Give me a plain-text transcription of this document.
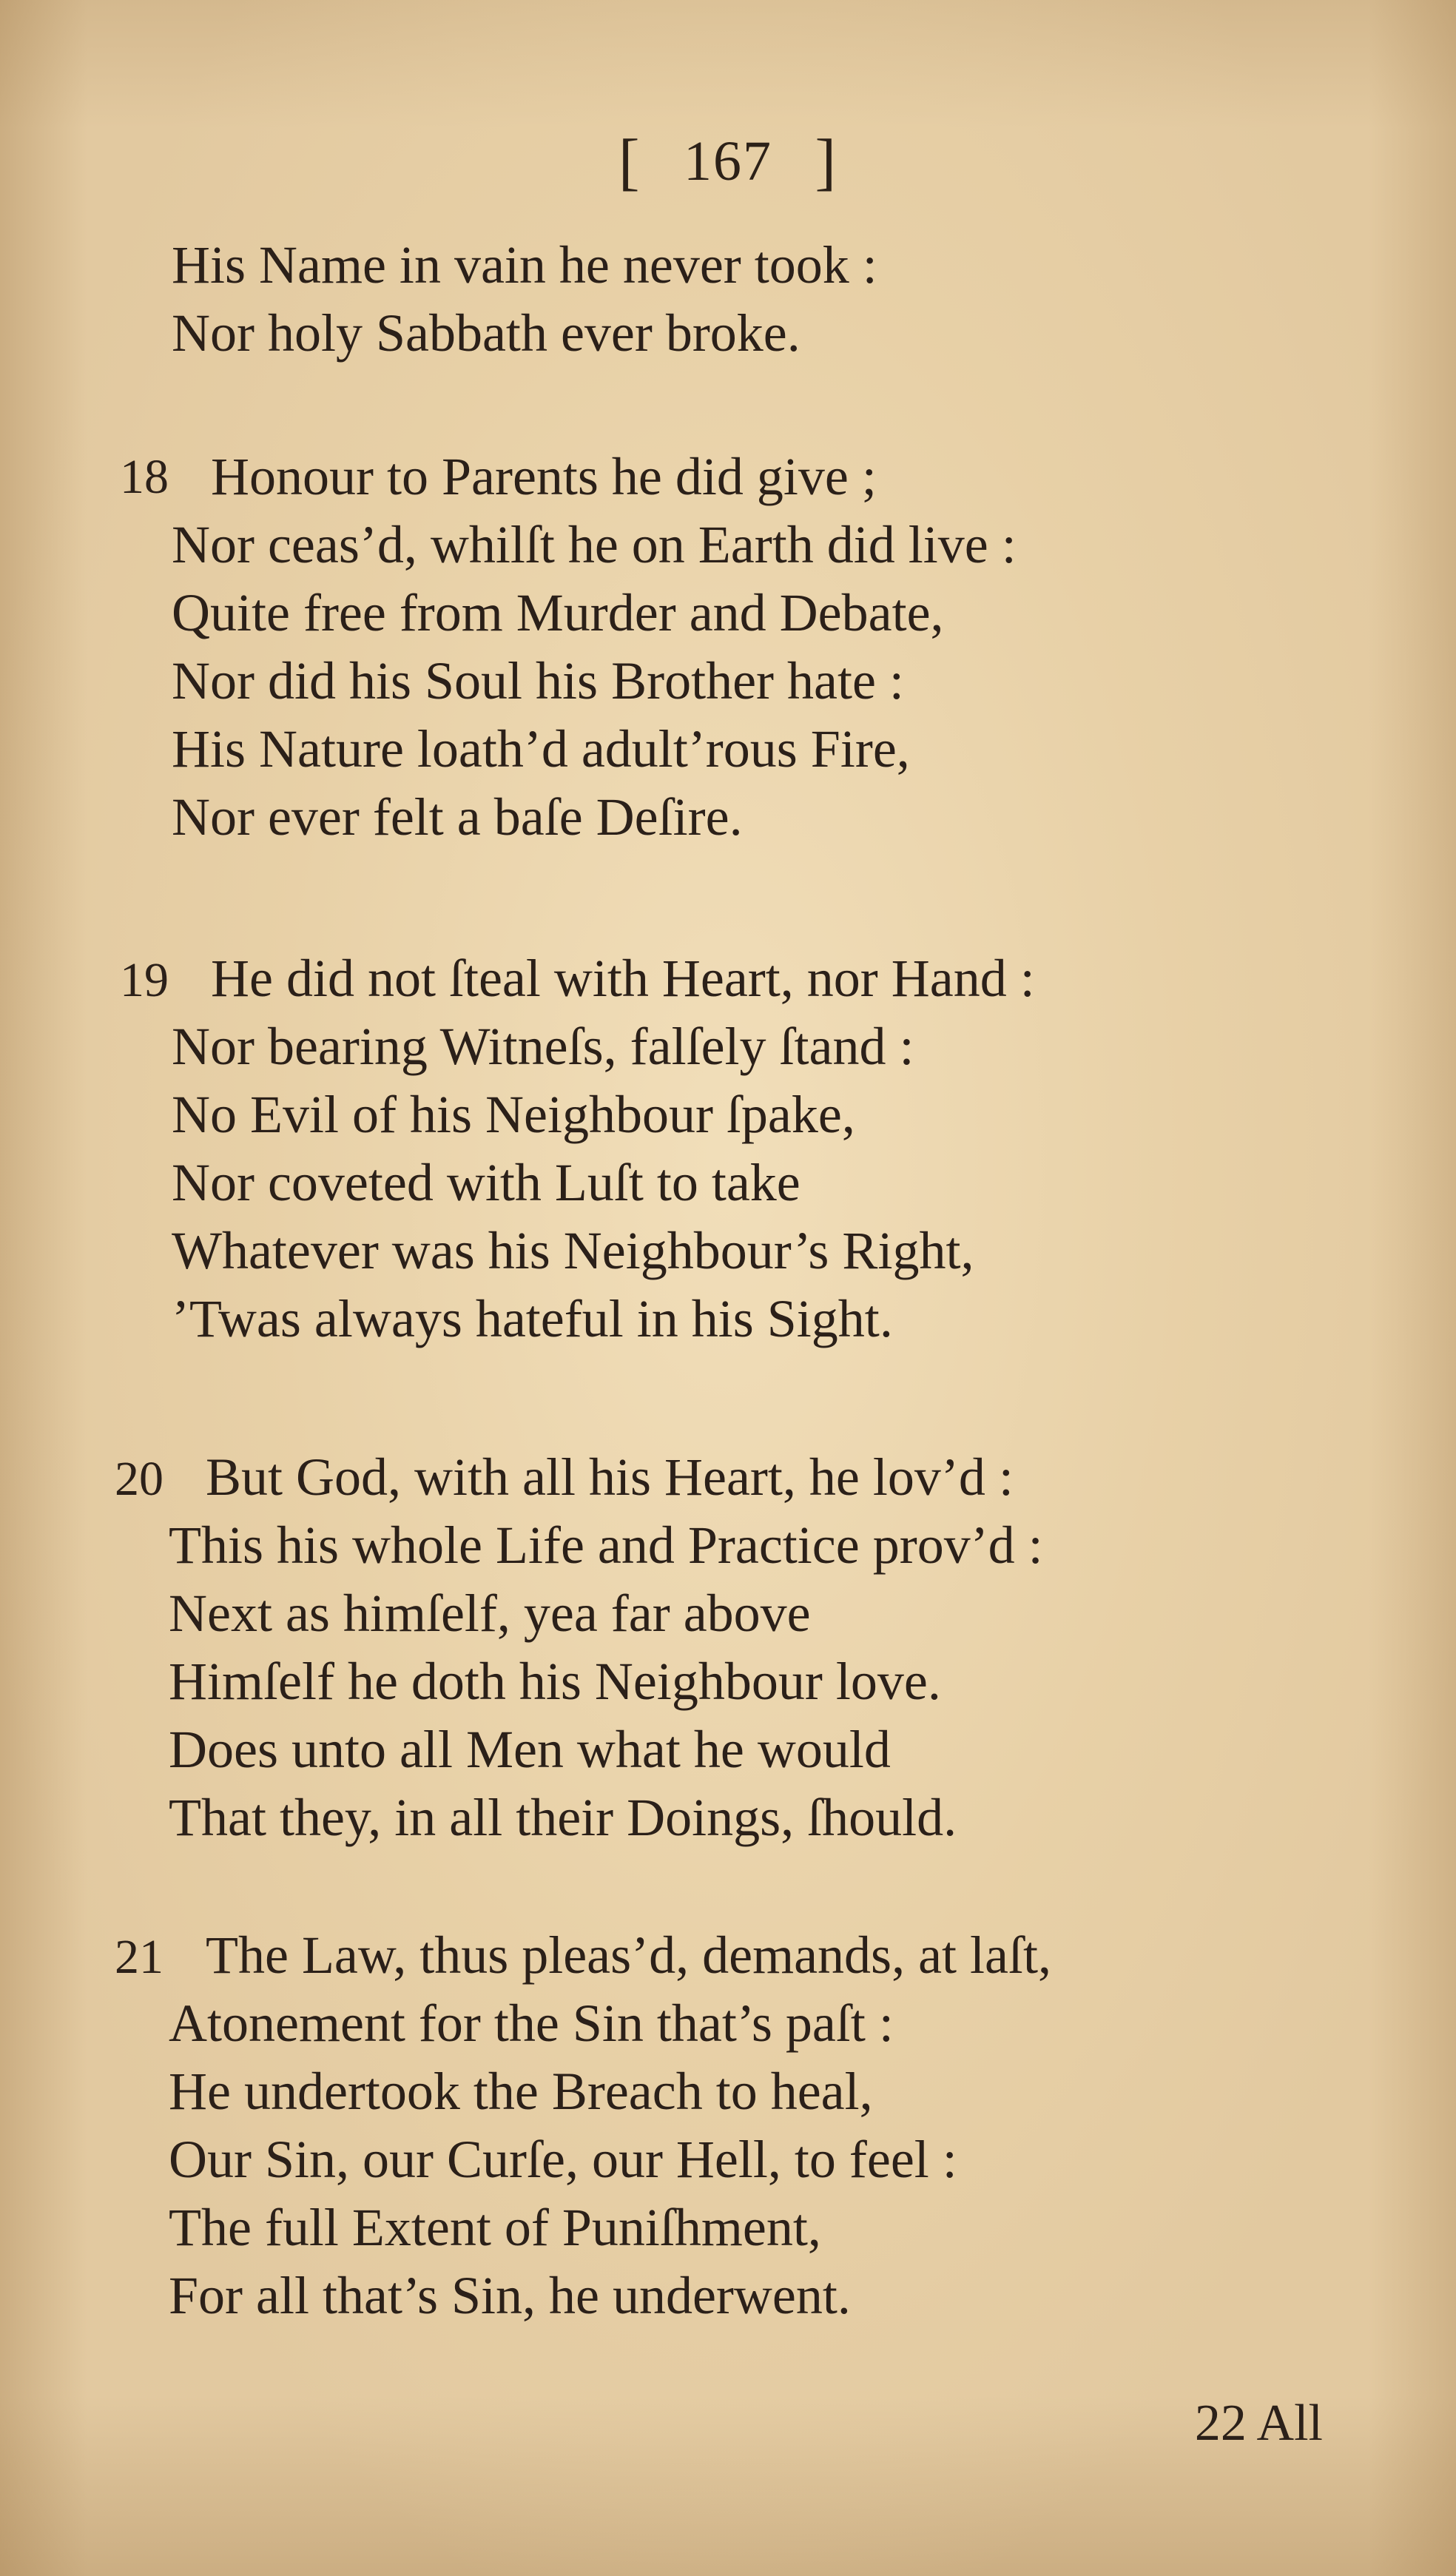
[ 167 ]
His Name in vain he never took :
Nor holy Sabbath ever broke.
18 Honour to Parents he did give ;
Nor ceas’d, whilſt he on Earth did live :
Quite free from Murder and Debate,
Nor did his Soul his Brother hate :
His Nature loath’d adult’rous Fire,
Nor ever felt a baſe Deſire.
19 He did not ſteal with Heart, nor Hand :
Nor bearing Witneſs, falſely ſtand :
No Evil of his Neighbour ſpake,
Nor coveted with Luſt to take
Whatever was his Neighbour’s Right,
’Twas always hateful in his Sight.
20 But God, with all his Heart, he lov’d :
This his whole Life and Practice prov’d :
Next as himſelf, yea far above
Himſelf he doth his Neighbour love.
Does unto all Men what he would
That they, in all their Doings, ſhould.
21 The Law, thus pleas’d, demands, at laſt,
Atonement for the Sin that’s paſt :
He undertook the Breach to heal,
Our Sin, our Curſe, our Hell, to feel :
The full Extent of Puniſhment,
For all that’s Sin, he underwent.
22 All
